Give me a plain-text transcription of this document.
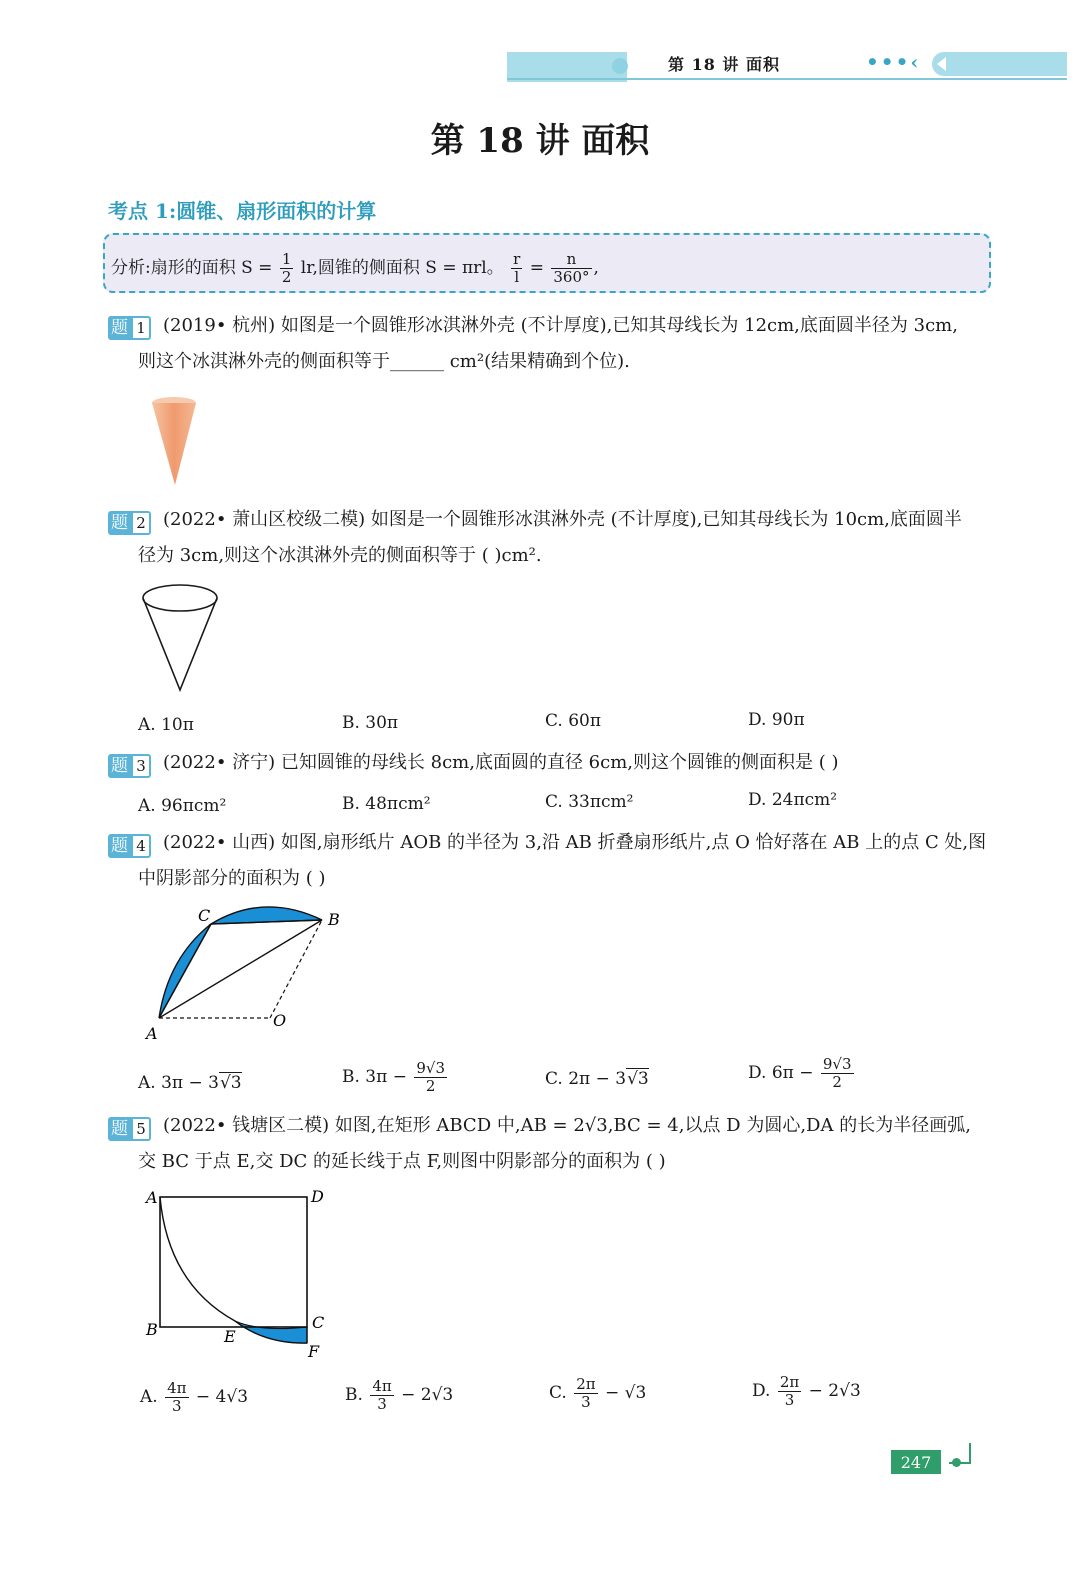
第 18 讲 面积	•••‹
第 18 讲 面积
考点 1:圆锥、扇形面积的计算
分析:扇形的面积 $S = \frac{1}{2}$ lr,圆锥的侧面积 S = πrl。 $\frac{r}{l} = \frac{n}{360^\circ}$ ,
题 1 (2019• 杭州) 如图是一个圆锥形冰淇淋外壳 (不计厚度),已知其母线长为 12cm,底面圆半径为 3cm,
则这个冰淇淋外壳的侧面积等于______ cm²(结果精确到个位).
题 2 (2022• 萧山区校级二模) 如图是一个圆锥形冰淇淋外壳 (不计厚度),已知其母线长为 10cm,底面圆半
径为 3cm,则这个冰淇淋外壳的侧面积等于 ( )cm².
A. 10π	B. 30π	C. 60π	D. 90π
题 3 (2022• 济宁) 已知圆锥的母线长 8cm,底面圆的直径 6cm,则这个圆锥的侧面积是 ( )
A. 96πcm²	B. 48πcm²	C. 33πcm²	D. 24πcm²
题 4 (2022• 山西) 如图,扇形纸片 AOB 的半径为 3,沿 AB 折叠扇形纸片,点 O 恰好落在 AB 上的点 C 处,图
中阴影部分的面积为 ( )
C	B
A
O
A. 3π − 3√3	B. $3\pi - \frac{9√3}{2}$	C. 2π − 3√3	D. $6\pi - \frac{9√3}{2}$
题 5 (2022• 钱塘区二模) 如图,在矩形 ABCD 中,AB = 2√3,BC = 4,以点 D 为圆心,DA 的长为半径画弧,
交 BC 于点 E,交 DC 的延长线于点 F,则图中阴影部分的面积为 ( )
A	D
B	E
C
F
A. $\frac{4\pi}{3} - 4√3$	B. $\frac{4\pi}{3} - 2√3$	C. $\frac{2\pi}{3} - √3$	D. $\frac{2\pi}{3} - 2√3$
247
